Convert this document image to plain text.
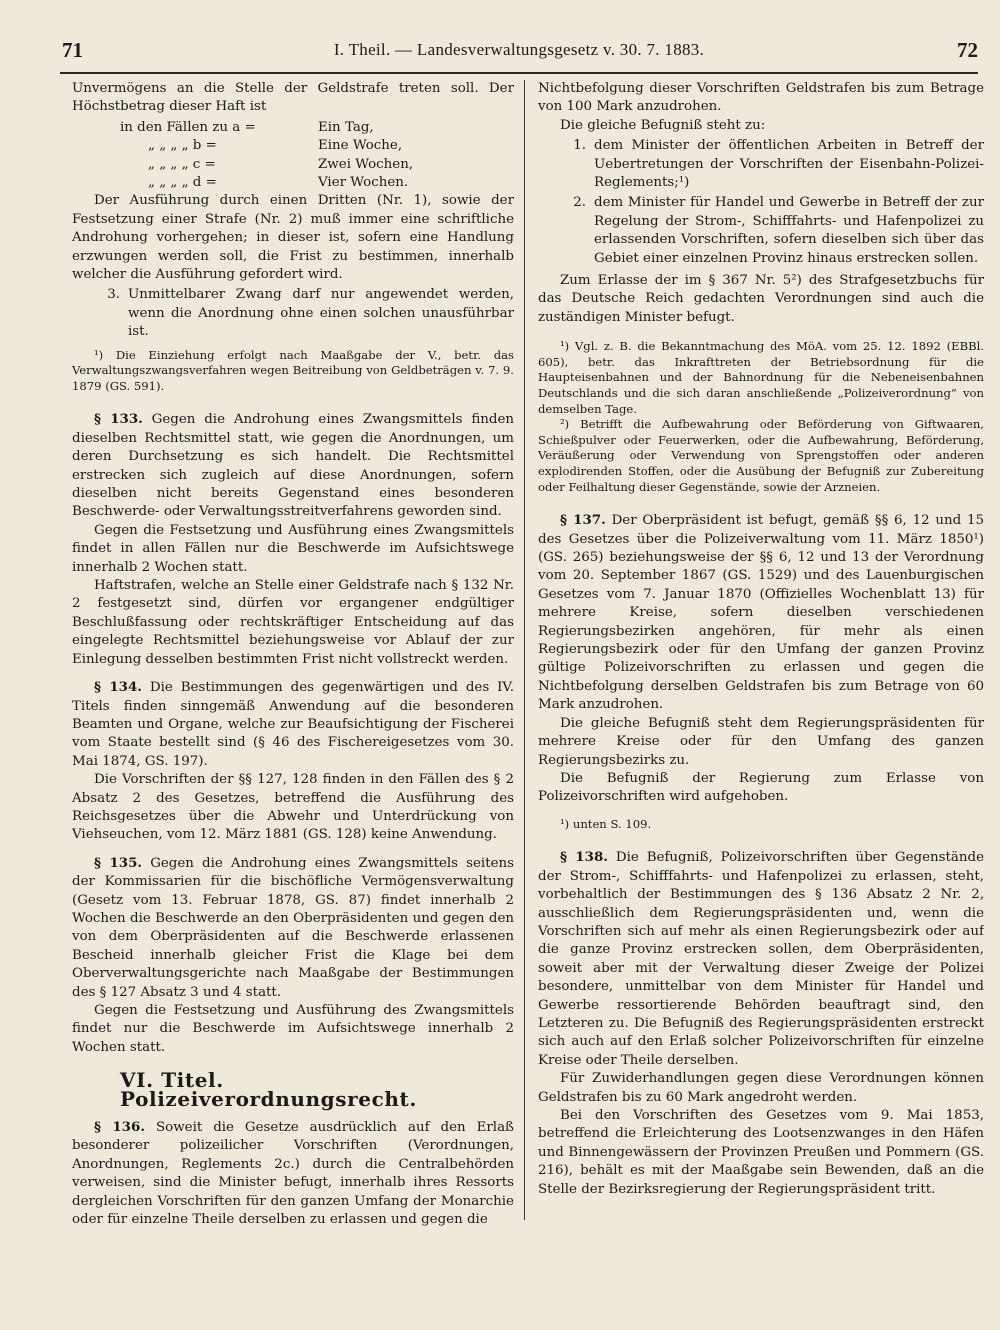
71	I. Theil. — Landesverwaltungsgesetz v. 30. 7. 1883.	72

Unvermögens an die Stelle der Geldstrafe treten soll. Der Höchstbetrag dieser Haft ist

in den Fällen zu a =	Ein Tag,
„ „ „ „ b =	Eine Woche,
„ „ „ „ c =	Zwei Wochen,
„ „ „ „ d =	Vier Wochen.

Der Ausführung durch einen Dritten (Nr. 1), sowie der Festsetzung einer Strafe (Nr. 2) muß immer eine schriftliche Androhung vorhergehen; in dieser ist, sofern eine Handlung erzwungen werden soll, die Frist zu bestimmen, innerhalb welcher die Ausführung gefordert wird.

3. Unmittelbarer Zwang darf nur angewendet werden, wenn die Anordnung ohne einen solchen unausführbar ist.

¹) Die Einziehung erfolgt nach Maaßgabe der V., betr. das Verwaltungszwangsverfahren wegen Beitreibung von Geldbeträgen v. 7. 9. 1879 (GS. 591).

§ 133. Gegen die Androhung eines Zwangsmittels finden dieselben Rechtsmittel statt, wie gegen die Anordnungen, um deren Durchsetzung es sich handelt. Die Rechtsmittel erstrecken sich zugleich auf diese Anordnungen, sofern dieselben nicht bereits Gegenstand eines besonderen Beschwerde- oder Verwaltungsstreitverfahrens geworden sind.

Gegen die Festsetzung und Ausführung eines Zwangsmittels findet in allen Fällen nur die Beschwerde im Aufsichtswege innerhalb 2 Wochen statt.

Haftstrafen, welche an Stelle einer Geldstrafe nach § 132 Nr. 2 festgesetzt sind, dürfen vor ergangener endgültiger Beschlußfassung oder rechtskräftiger Entscheidung auf das eingelegte Rechtsmittel beziehungsweise vor Ablauf der zur Einlegung desselben bestimmten Frist nicht vollstreckt werden.

§ 134. Die Bestimmungen des gegenwärtigen und des IV. Titels finden sinngemäß Anwendung auf die besonderen Beamten und Organe, welche zur Beaufsichtigung der Fischerei vom Staate bestellt sind (§ 46 des Fischereigesetzes vom 30. Mai 1874, GS. 197).

Die Vorschriften der §§ 127, 128 finden in den Fällen des § 2 Absatz 2 des Gesetzes, betreffend die Ausführung des Reichsgesetzes über die Abwehr und Unterdrückung von Viehseuchen, vom 12. März 1881 (GS. 128) keine Anwendung.

§ 135. Gegen die Androhung eines Zwangsmittels seitens der Kommissarien für die bischöfliche Vermögensverwaltung (Gesetz vom 13. Februar 1878, GS. 87) findet innerhalb 2 Wochen die Beschwerde an den Oberpräsidenten und gegen den von dem Oberpräsidenten auf die Beschwerde erlassenen Bescheid innerhalb gleicher Frist die Klage bei dem Oberverwaltungsgerichte nach Maaßgabe der Bestimmungen des § 127 Absatz 3 und 4 statt.

Gegen die Festsetzung und Ausführung des Zwangsmittels findet nur die Beschwerde im Aufsichtswege innerhalb 2 Wochen statt.

VI. Titel. Polizeiverordnungsrecht.

§ 136. Soweit die Gesetze ausdrücklich auf den Erlaß besonderer polizeilicher Vorschriften (Verordnungen, Anordnungen, Reglements 2c.) durch die Centralbehörden verweisen, sind die Minister befugt, innerhalb ihres Ressorts dergleichen Vorschriften für den ganzen Umfang der Monarchie oder für einzelne Theile derselben zu erlassen und gegen die

Nichtbefolgung dieser Vorschriften Geldstrafen bis zum Betrage von 100 Mark anzudrohen.

Die gleiche Befugniß steht zu:

1. dem Minister der öffentlichen Arbeiten in Betreff der Uebertretungen der Vorschriften der Eisenbahn-Polizei-Reglements;¹)
2. dem Minister für Handel und Gewerbe in Betreff der zur Regelung der Strom-, Schifffahrts- und Hafenpolizei zu erlassenden Vorschriften, sofern dieselben sich über das Gebiet einer einzelnen Provinz hinaus erstrecken sollen.

Zum Erlasse der im § 367 Nr. 5²) des Strafgesetzbuchs für das Deutsche Reich gedachten Verordnungen sind auch die zuständigen Minister befugt.

¹) Vgl. z. B. die Bekanntmachung des MöA. vom 25. 12. 1892 (EBBl. 605), betr. das Inkrafttreten der Betriebsordnung für die Haupteisenbahnen und der Bahnordnung für die Nebeneisenbahnen Deutschlands und die sich daran anschließende „Polizeiverordnung“ von demselben Tage.

²) Betrifft die Aufbewahrung oder Beförderung von Giftwaaren, Schießpulver oder Feuerwerken, oder die Aufbewahrung, Beförderung, Veräußerung oder Verwendung von Sprengstoffen oder anderen explodirenden Stoffen, oder die Ausübung der Befugniß zur Zubereitung oder Feilhaltung dieser Gegenstände, sowie der Arzneien.

§ 137. Der Oberpräsident ist befugt, gemäß §§ 6, 12 und 15 des Gesetzes über die Polizeiverwaltung vom 11. März 1850¹) (GS. 265) beziehungsweise der §§ 6, 12 und 13 der Verordnung vom 20. September 1867 (GS. 1529) und des Lauenburgischen Gesetzes vom 7. Januar 1870 (Offizielles Wochenblatt 13) für mehrere Kreise, sofern dieselben verschiedenen Regierungsbezirken angehören, für mehr als einen Regierungsbezirk oder für den Umfang der ganzen Provinz gültige Polizeivorschriften zu erlassen und gegen die Nichtbefolgung derselben Geldstrafen bis zum Betrage von 60 Mark anzudrohen.

Die gleiche Befugniß steht dem Regierungspräsidenten für mehrere Kreise oder für den Umfang des ganzen Regierungsbezirks zu.

Die Befugniß der Regierung zum Erlasse von Polizeivorschriften wird aufgehoben.

¹) unten S. 109.

§ 138. Die Befugniß, Polizeivorschriften über Gegenstände der Strom-, Schifffahrts- und Hafenpolizei zu erlassen, steht, vorbehaltlich der Bestimmungen des § 136 Absatz 2 Nr. 2, ausschließlich dem Regierungspräsidenten und, wenn die Vorschriften sich auf mehr als einen Regierungsbezirk oder auf die ganze Provinz erstrecken sollen, dem Oberpräsidenten, soweit aber mit der Verwaltung dieser Zweige der Polizei besondere, unmittelbar von dem Minister für Handel und Gewerbe ressortierende Behörden beauftragt sind, den Letzteren zu. Die Befugniß des Regierungspräsidenten erstreckt sich auch auf den Erlaß solcher Polizeivorschriften für einzelne Kreise oder Theile derselben.

Für Zuwiderhandlungen gegen diese Verordnungen können Geldstrafen bis zu 60 Mark angedroht werden.

Bei den Vorschriften des Gesetzes vom 9. Mai 1853, betreffend die Erleichterung des Lootsenzwanges in den Häfen und Binnengewässern der Provinzen Preußen und Pommern (GS. 216), behält es mit der Maaßgabe sein Bewenden, daß an die Stelle der Bezirksregierung der Regierungspräsident tritt.
